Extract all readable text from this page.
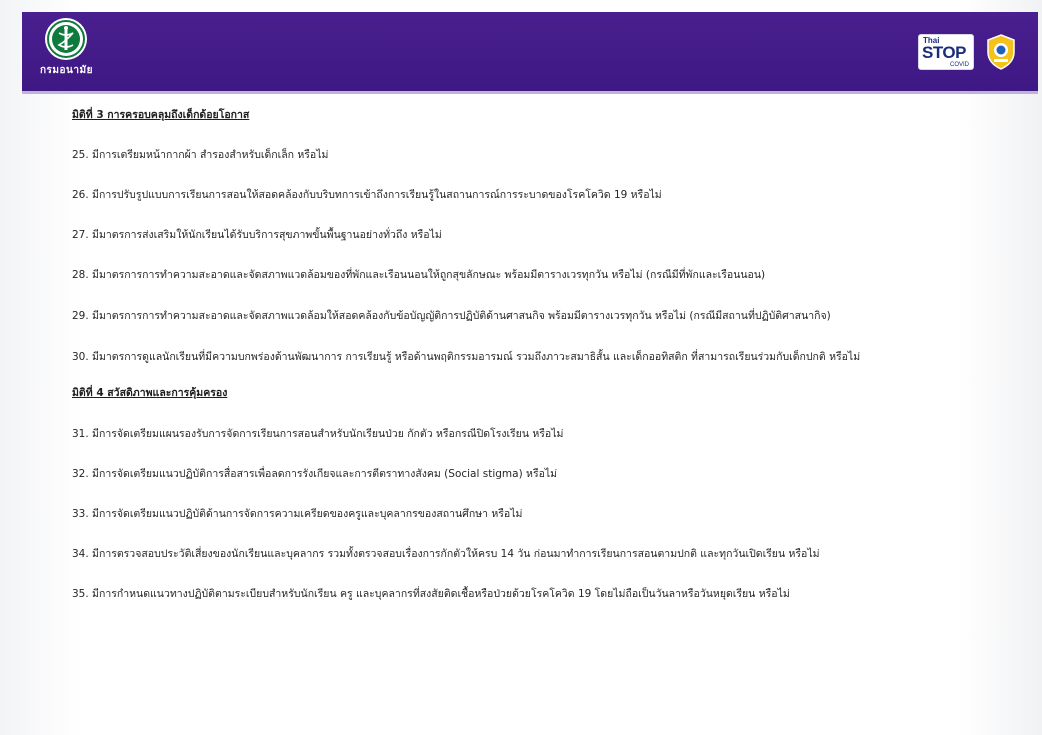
กรมอนามัย
Thai
STOP
COVID
มิติที่ 3 การครอบคลุมถึงเด็กด้อยโอกาส
25. มีการเตรียมหน้ากากผ้า สำรองสำหรับเด็กเล็ก หรือไม่
26. มีการปรับรูปแบบการเรียนการสอนให้สอดคล้องกับบริบทการเข้าถึงการเรียนรู้ในสถานการณ์การระบาดของโรคโควิด 19 หรือไม่
27. มีมาตรการส่งเสริมให้นักเรียนได้รับบริการสุขภาพขั้นพื้นฐานอย่างทั่วถึง หรือไม่
28. มีมาตรการการทำความสะอาดและจัดสภาพแวดล้อมของที่พักและเรือนนอนให้ถูกสุขลักษณะ พร้อมมีตารางเวรทุกวัน หรือไม่ (กรณีมีที่พักและเรือนนอน)
29. มีมาตรการการทำความสะอาดและจัดสภาพแวดล้อมให้สอดคล้องกับข้อบัญญัติการปฏิบัติด้านศาสนกิจ พร้อมมีตารางเวรทุกวัน หรือไม่ (กรณีมีสถานที่ปฏิบัติศาสนากิจ)
30. มีมาตรการดูแลนักเรียนที่มีความบกพร่องด้านพัฒนาการ การเรียนรู้ หรือด้านพฤติกรรมอารมณ์ รวมถึงภาวะสมาธิสั้น และเด็กออทิสติก ที่สามารถเรียนร่วมกับเด็กปกติ หรือไม่
มิติที่ 4 สวัสดิภาพและการคุ้มครอง
31. มีการจัดเตรียมแผนรองรับการจัดการเรียนการสอนสำหรับนักเรียนป่วย กักตัว หรือกรณีปิดโรงเรียน หรือไม่
32. มีการจัดเตรียมแนวปฏิบัติการสื่อสารเพื่อลดการรังเกียจและการตีตราทางสังคม (Social stigma) หรือไม่
33. มีการจัดเตรียมแนวปฏิบัติด้านการจัดการความเครียดของครูและบุคลากรของสถานศึกษา หรือไม่
34. มีการตรวจสอบประวัติเสี่ยงของนักเรียนและบุคลากร รวมทั้งตรวจสอบเรื่องการกักตัวให้ครบ 14 วัน ก่อนมาทำการเรียนการสอนตามปกติ และทุกวันเปิดเรียน หรือไม่
35. มีการกำหนดแนวทางปฏิบัติตามระเบียบสำหรับนักเรียน ครู และบุคลากรที่สงสัยติดเชื้อหรือป่วยด้วยโรคโควิด 19 โดยไม่ถือเป็นวันลาหรือวันหยุดเรียน หรือไม่
